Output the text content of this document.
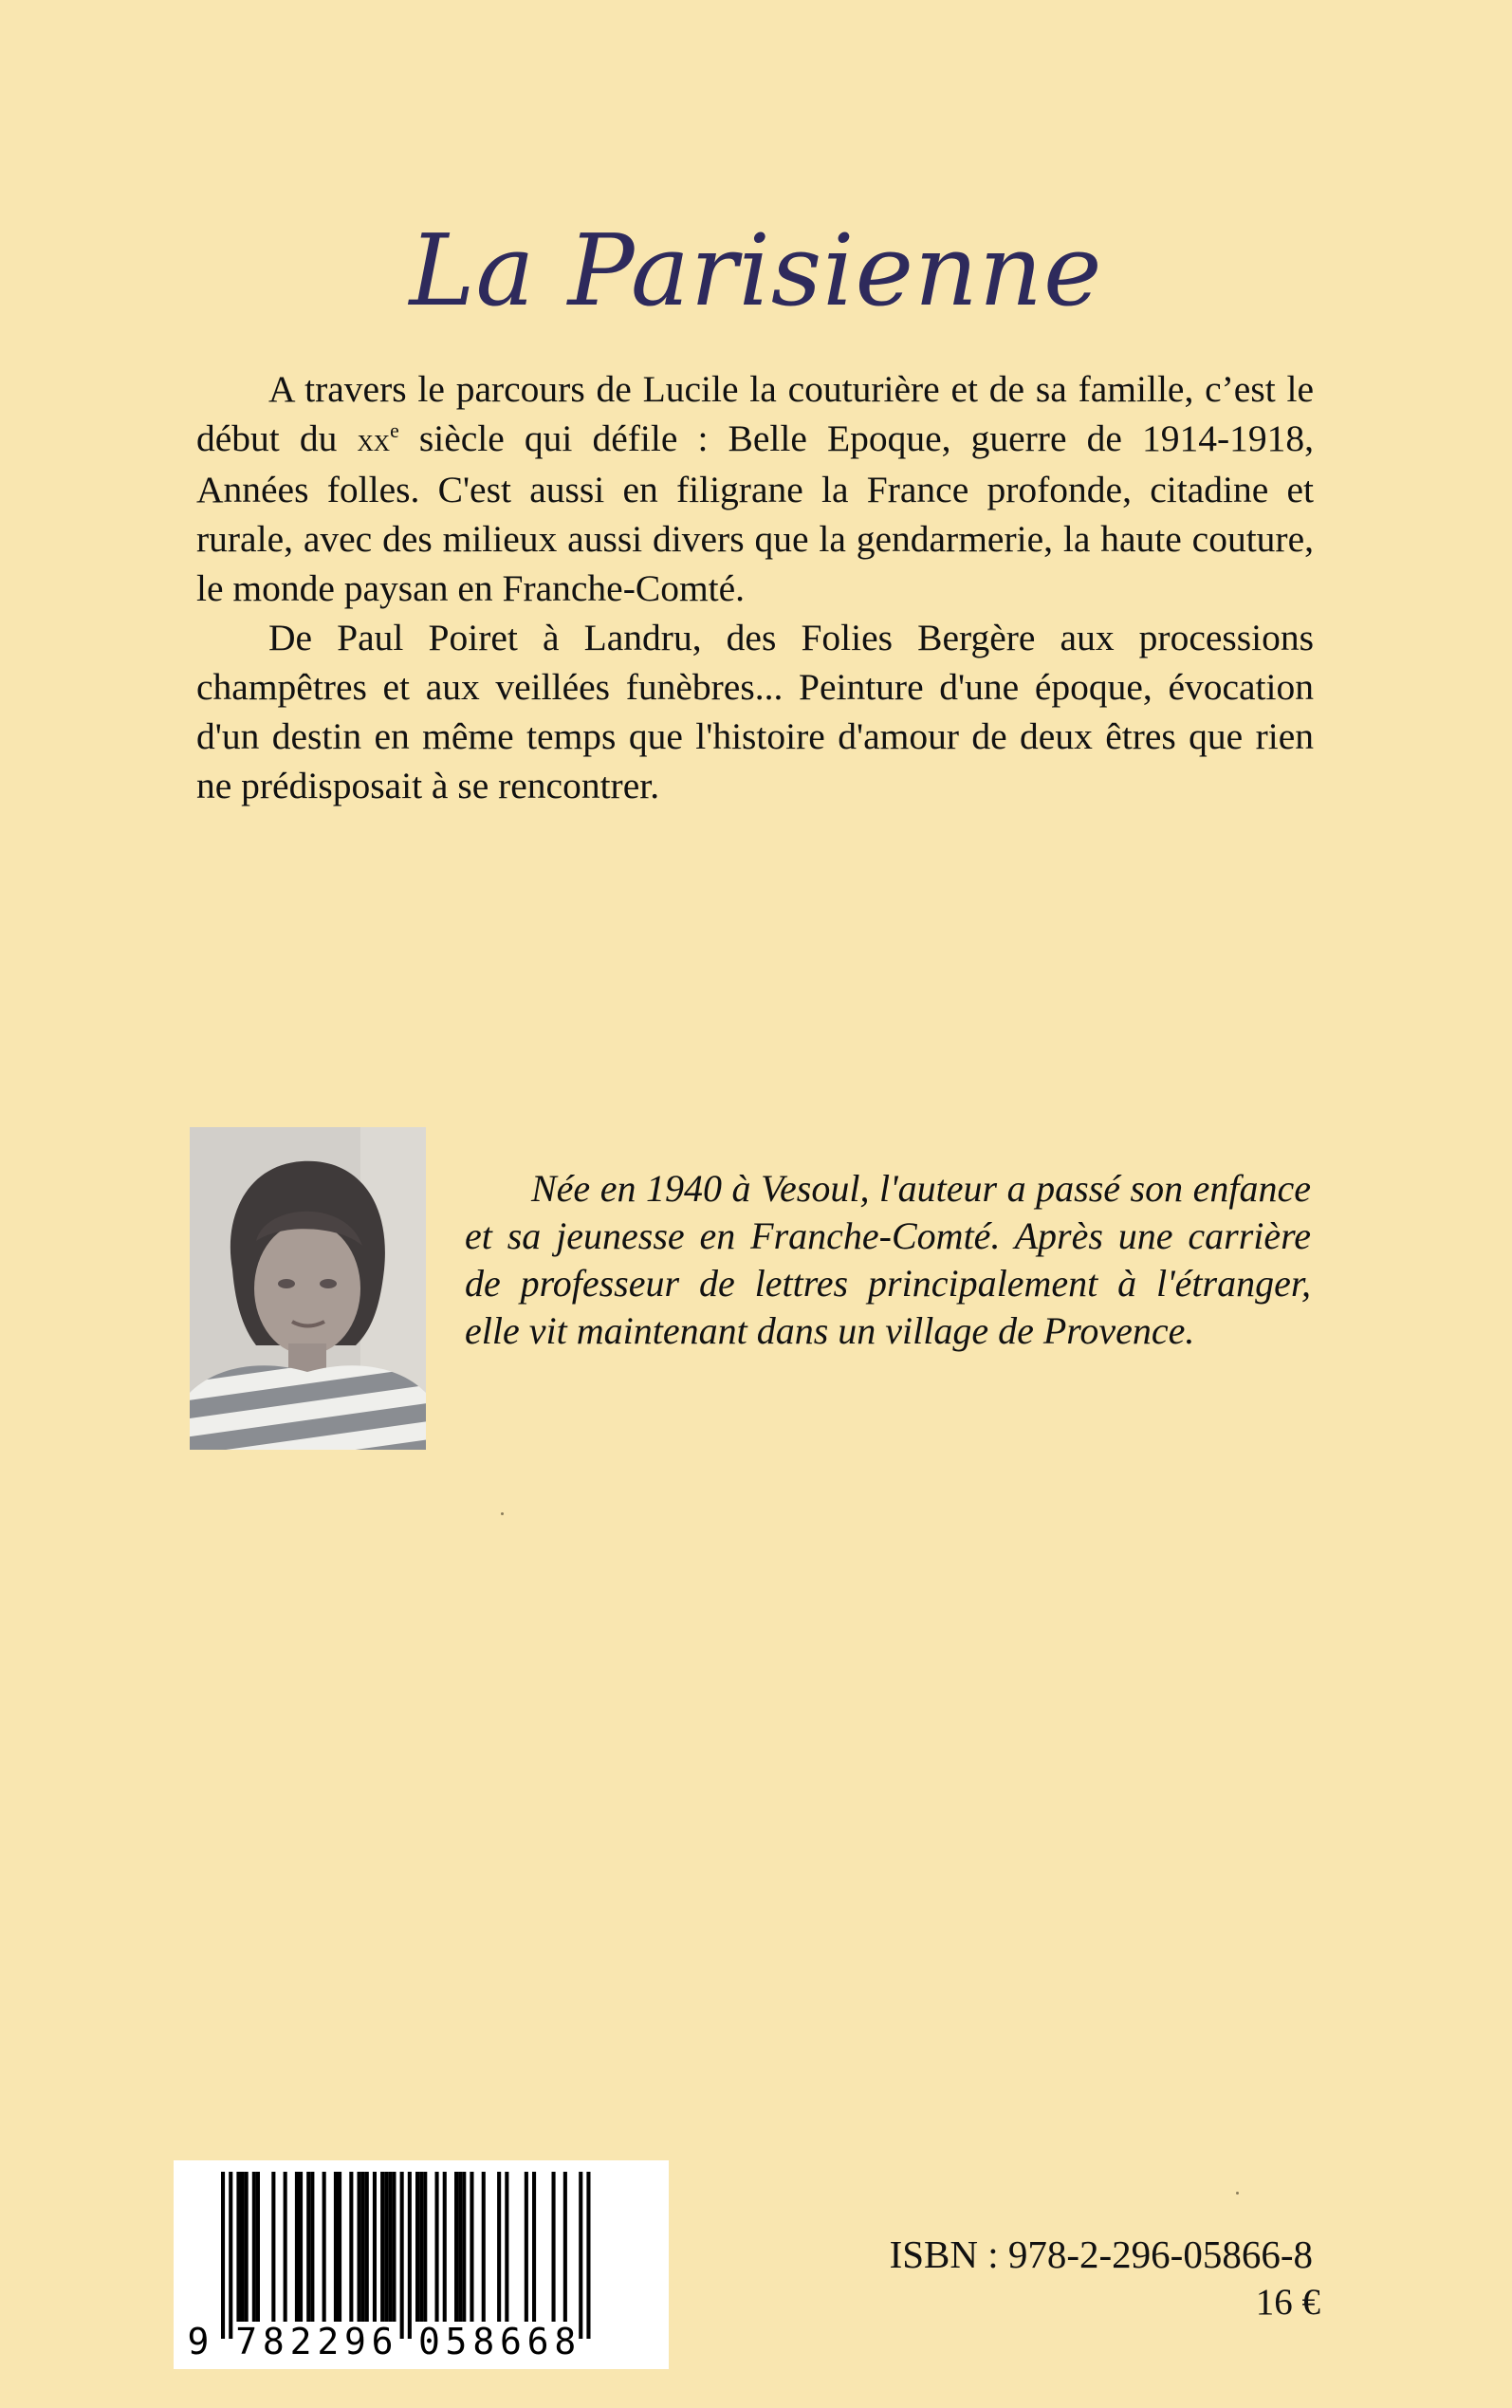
La Parisienne

A travers le parcours de Lucile la couturière et de sa famille, c’est le début du $xx^e$ siècle qui défile : Belle Epoque, guerre de 1914-1918, Années folles. C'est aussi en filigrane la France profonde, citadine et rurale, avec des milieux aussi divers que la gendarmerie, la haute couture, le monde paysan en Franche-Comté.

De Paul Poiret à Landru, des Folies Bergère aux processions champêtres et aux veillées funèbres... Peinture d'une époque, évocation d'un destin en même temps que l'histoire d'amour de deux êtres que rien ne prédisposait à se rencontrer.

Née en 1940 à Vesoul, l'auteur a passé son enfance et sa jeunesse en Franche-Comté. Après une carrière de professeur de lettres principalement à l'étranger, elle vit maintenant dans un village de Provence.

9 7 8 2 2 9 6 0 5 8 6 6 8
ISBN : 978-2-296-05866-8
16 €
